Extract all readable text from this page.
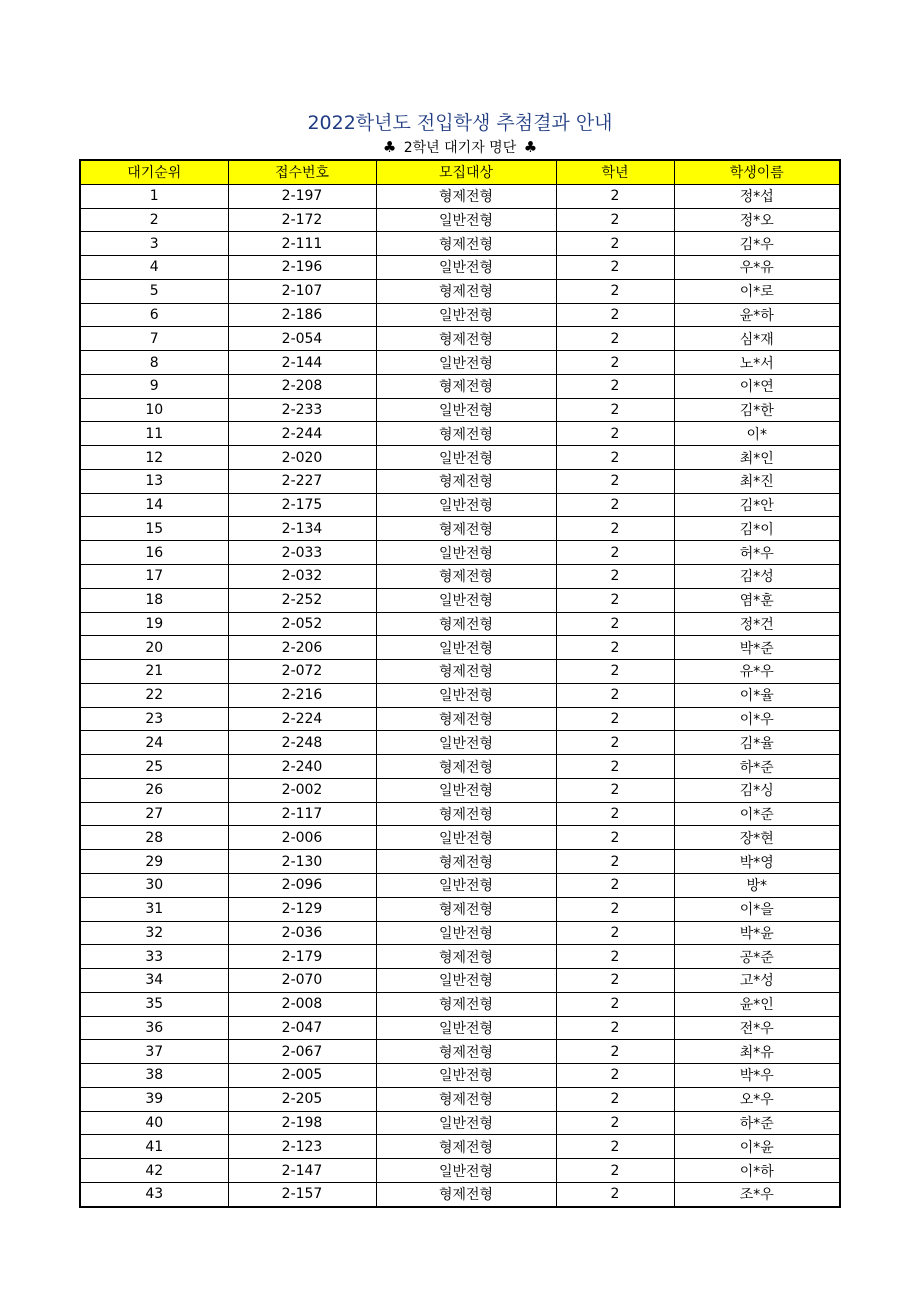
2022학년도 전입학생 추첨결과 안내
♣ 2학년 대기자 명단 ♣
대기순위	접수번호	모집대상	학년	학생이름
1	2-197	형제전형	2	정*섭
2	2-172	일반전형	2	정*오
3	2-111	형제전형	2	김*우
4	2-196	일반전형	2	우*유
5	2-107	형제전형	2	이*로
6	2-186	일반전형	2	윤*하
7	2-054	형제전형	2	심*재
8	2-144	일반전형	2	노*서
9	2-208	형제전형	2	이*연
10	2-233	일반전형	2	김*한
11	2-244	형제전형	2	이*
12	2-020	일반전형	2	최*인
13	2-227	형제전형	2	최*진
14	2-175	일반전형	2	김*안
15	2-134	형제전형	2	김*이
16	2-033	일반전형	2	허*우
17	2-032	형제전형	2	김*성
18	2-252	일반전형	2	염*훈
19	2-052	형제전형	2	정*건
20	2-206	일반전형	2	박*준
21	2-072	형제전형	2	유*우
22	2-216	일반전형	2	이*율
23	2-224	형제전형	2	이*우
24	2-248	일반전형	2	김*율
25	2-240	형제전형	2	하*준
26	2-002	일반전형	2	김*싱
27	2-117	형제전형	2	이*준
28	2-006	일반전형	2	장*현
29	2-130	형제전형	2	박*영
30	2-096	일반전형	2	방*
31	2-129	형제전형	2	이*을
32	2-036	일반전형	2	박*윤
33	2-179	형제전형	2	공*준
34	2-070	일반전형	2	고*성
35	2-008	형제전형	2	윤*인
36	2-047	일반전형	2	전*우
37	2-067	형제전형	2	최*유
38	2-005	일반전형	2	박*우
39	2-205	형제전형	2	오*우
40	2-198	일반전형	2	하*준
41	2-123	형제전형	2	이*윤
42	2-147	일반전형	2	이*하
43	2-157	형제전형	2	조*우
